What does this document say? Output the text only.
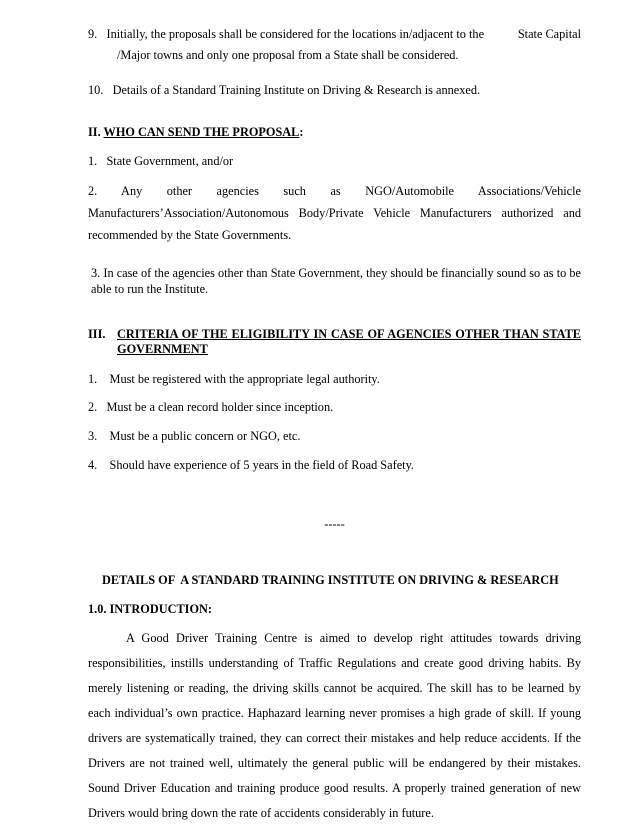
9. Initially, the proposals shall be considered for the locations in/adjacent to the	State Capital
/Major towns and only one proposal from a State shall be considered.

10.   Details of a Standard Training Institute on Driving & Research is annexed.

II. WHO CAN SEND THE PROPOSAL:

1.   State Government, and/or

2. Any other agencies such as NGO/Automobile Associations/Vehicle Manufacturers’Association/Autonomous Body/Private Vehicle Manufacturers authorized and recommended by the State Governments.

3. In case of the agencies other than State Government, they should be financially sound so as to be able to run the Institute.

III. CRITERIA OF THE ELIGIBILITY IN CASE OF AGENCIES OTHER THAN STATE GOVERNMENT

1.    Must be registered with the appropriate legal authority.

2.   Must be a clean record holder since inception.

3.    Must be a public concern or NGO, etc.

4.    Should have experience of 5 years in the field of Road Safety.

-----

DETAILS OF  A STANDARD TRAINING INSTITUTE ON DRIVING & RESEARCH

1.0. INTRODUCTION:

A Good Driver Training Centre is aimed to develop right attitudes towards driving responsibilities, instills understanding of Traffic Regulations and create good driving habits. By merely listening or reading, the driving skills cannot be acquired. The skill has to be learned by each individual’s own practice. Haphazard learning never promises a high grade of skill. If young drivers are systematically trained, they can correct their mistakes and help reduce accidents. If the Drivers are not trained well, ultimately the general public will be endangered by their mistakes. Sound Driver Education and training produce good results. A properly trained generation of new Drivers would bring down the rate of accidents considerably in future.
